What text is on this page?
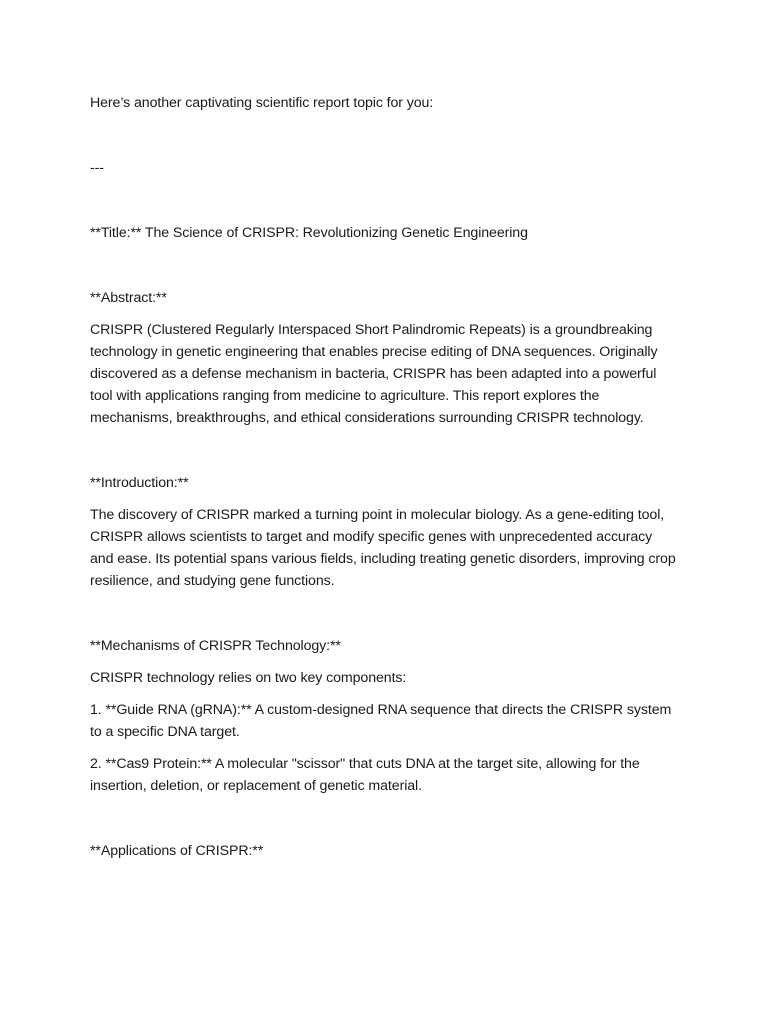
Here’s another captivating scientific report topic for you:

---

**Title:** The Science of CRISPR: Revolutionizing Genetic Engineering

**Abstract:**

CRISPR (Clustered Regularly Interspaced Short Palindromic Repeats) is a groundbreaking technology in genetic engineering that enables precise editing of DNA sequences. Originally discovered as a defense mechanism in bacteria, CRISPR has been adapted into a powerful tool with applications ranging from medicine to agriculture. This report explores the mechanisms, breakthroughs, and ethical considerations surrounding CRISPR technology.

**Introduction:**

The discovery of CRISPR marked a turning point in molecular biology. As a gene-editing tool, CRISPR allows scientists to target and modify specific genes with unprecedented accuracy and ease. Its potential spans various fields, including treating genetic disorders, improving crop resilience, and studying gene functions.

**Mechanisms of CRISPR Technology:**

CRISPR technology relies on two key components:

1. **Guide RNA (gRNA):** A custom-designed RNA sequence that directs the CRISPR system to a specific DNA target.

2. **Cas9 Protein:** A molecular "scissor" that cuts DNA at the target site, allowing for the insertion, deletion, or replacement of genetic material.

**Applications of CRISPR:**
